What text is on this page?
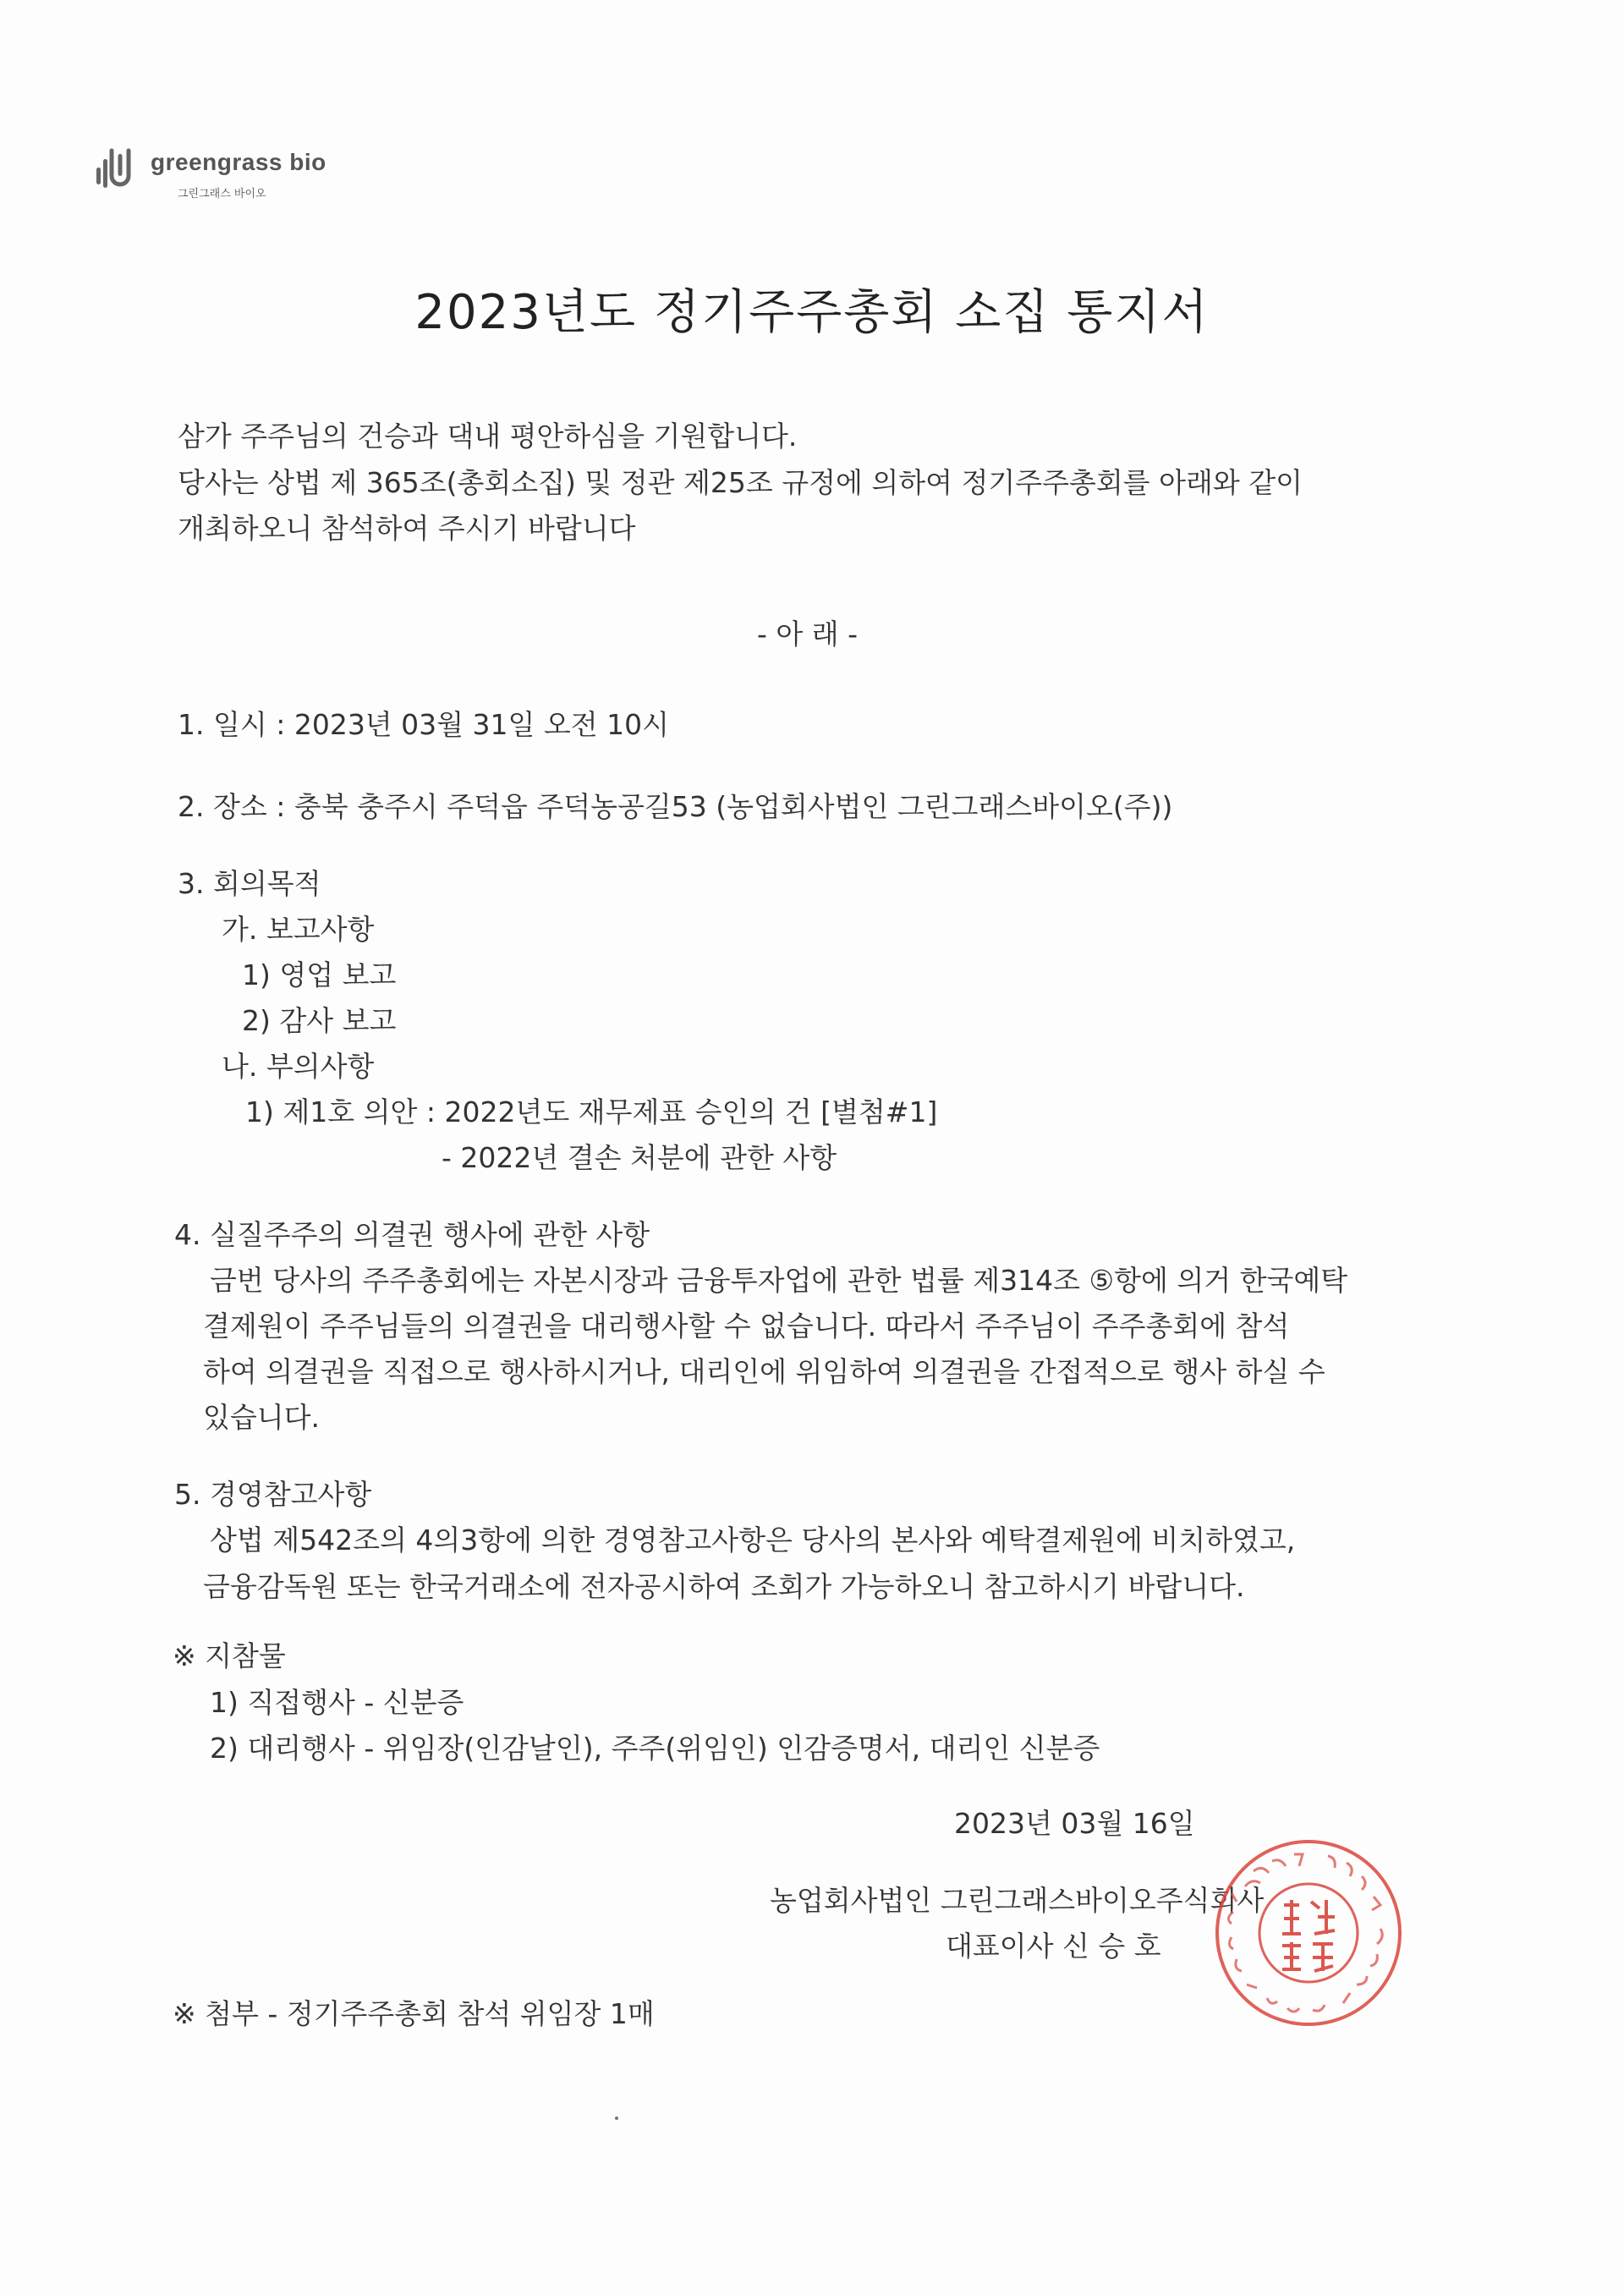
greengrass bio
그린그래스 바이오
2023년도 정기주주총회 소집 통지서
삼가 주주님의 건승과 댁내 평안하심을 기원합니다.
당사는 상법 제 365조(총회소집) 및 정관 제25조 규정에 의하여 정기주주총회를 아래와 같이
개최하오니 참석하여 주시기 바랍니다
- 아 래 -
1. 일시 : 2023년 03월 31일 오전 10시
2. 장소 : 충북 충주시 주덕읍 주덕농공길53 (농업회사법인 그린그래스바이오(주))
3. 회의목적
가. 보고사항
1) 영업 보고
2) 감사 보고
나. 부의사항
1) 제1호 의안 : 2022년도 재무제표 승인의 건 [별첨#1]
- 2022년 결손 처분에 관한 사항
4. 실질주주의 의결권 행사에 관한 사항
금번 당사의 주주총회에는 자본시장과 금융투자업에 관한 법률 제314조 ⑤항에 의거 한국예탁
결제원이 주주님들의 의결권을 대리행사할 수 없습니다. 따라서 주주님이 주주총회에 참석
하여 의결권을 직접으로 행사하시거나, 대리인에 위임하여 의결권을 간접적으로 행사 하실 수
있습니다.
5. 경영참고사항
상법 제542조의 4의3항에 의한 경영참고사항은 당사의 본사와 예탁결제원에 비치하였고,
금융감독원 또는 한국거래소에 전자공시하여 조회가 가능하오니 참고하시기 바랍니다.
※ 지참물
1) 직접행사 - 신분증
2) 대리행사 - 위임장(인감날인), 주주(위임인) 인감증명서, 대리인 신분증
2023년 03월 16일
농업회사법인 그린그래스바이오주식회사
대표이사 신 승 호
※ 첨부 - 정기주주총회 참석 위임장 1매
